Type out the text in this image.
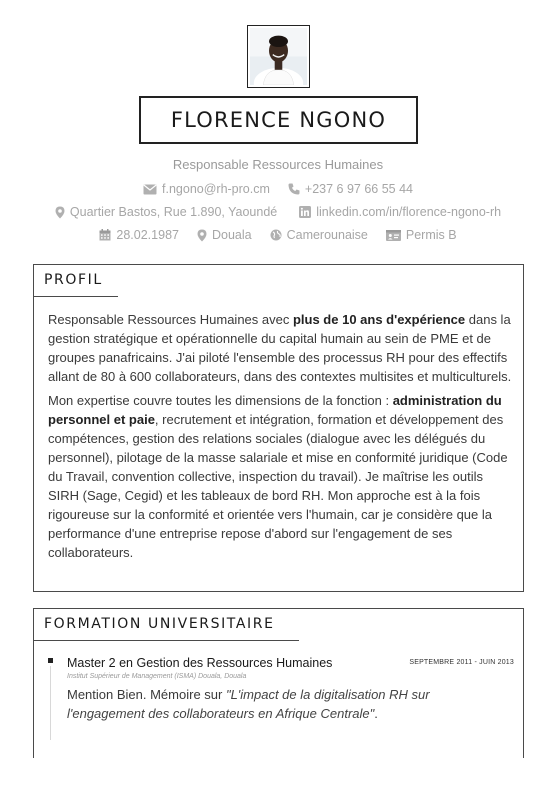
FLORENCE NGONO
Responsable Ressources Humaines
f.ngono@rh-pro.cm	+237 6 97 66 55 44
Quartier Bastos, Rue 1.890, Yaoundé	linkedin.com/in/florence-ngono-rh
28.02.1987	Douala	Camerounaise	Permis B
PROFIL

Responsable Ressources Humaines avec plus de 10 ans d'expérience dans la gestion stratégique et opérationnelle du capital humain au sein de PME et de groupes panafricains. J'ai piloté l'ensemble des processus RH pour des effectifs allant de 80 à 600 collaborateurs, dans des contextes multisites et multiculturels.

Mon expertise couvre toutes les dimensions de la fonction : administration du personnel et paie, recrutement et intégration, formation et développement des compétences, gestion des relations sociales (dialogue avec les délégués du personnel), pilotage de la masse salariale et mise en conformité juridique (Code du Travail, convention collective, inspection du travail). Je maîtrise les outils SIRH (Sage, Cegid) et les tableaux de bord RH. Mon approche est à la fois rigoureuse sur la conformité et orientée vers l'humain, car je considère que la performance d'une entreprise repose d'abord sur l'engagement de ses collaborateurs.

FORMATION UNIVERSITAIRE
Master 2 en Gestion des Ressources Humaines	SEPTEMBRE 2011 - JUIN 2013
Institut Supérieur de Management (ISMA) Douala, Douala
Mention Bien. Mémoire sur "L'impact de la digitalisation RH sur l'engagement des collaborateurs en Afrique Centrale".
